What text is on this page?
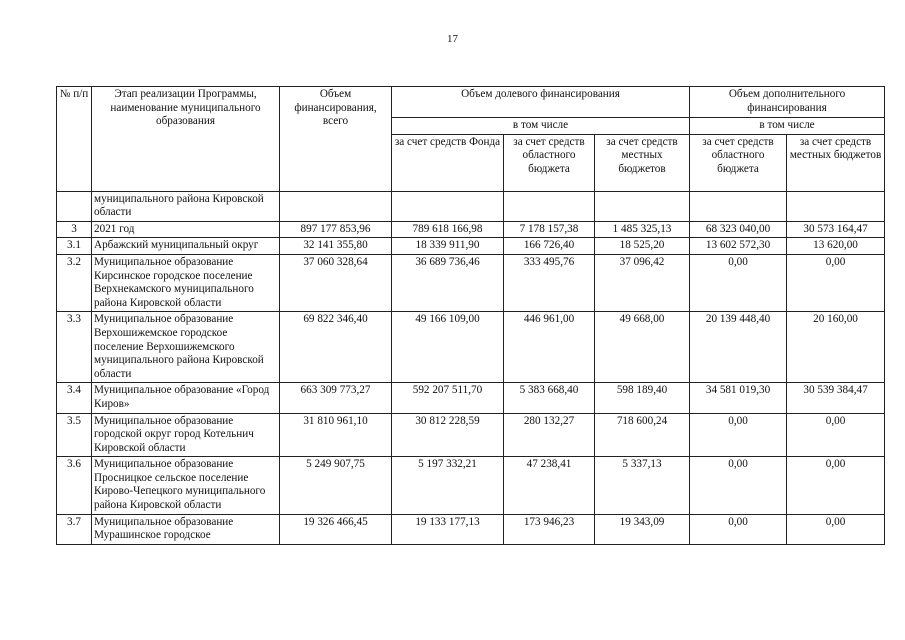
17
№ п/п	Этап реализации Программы, наименование муниципального образования	Объем финансирования, всего	Объем долевого финансирования			Объем дополнительного финансирования	
			в том числе			в том числе	
			за счет средств Фонда	за счет средств областного бюджета	за счет средств местных бюджетов	за счет средств областного бюджета	за счет средств местных бюджетов
	муниципального района Кировской области						
3	2021 год	897 177 853,96	789 618 166,98	7 178 157,38	1 485 325,13	68 323 040,00	30 573 164,47
3.1	Арбажский муниципальный округ	32 141 355,80	18 339 911,90	166 726,40	18 525,20	13 602 572,30	13 620,00
3.2	Муниципальное образование Кирсинское городское поселение Верхнекамского муниципального района Кировской области	37 060 328,64	36 689 736,46	333 495,76	37 096,42	0,00	0,00
3.3	Муниципальное образование Верхошижемское городское поселение Верхошижемского муниципального района Кировской области	69 822 346,40	49 166 109,00	446 961,00	49 668,00	20 139 448,40	20 160,00
3.4	Муниципальное образование «Город Киров»	663 309 773,27	592 207 511,70	5 383 668,40	598 189,40	34 581 019,30	30 539 384,47
3.5	Муниципальное образование городской округ город Котельнич Кировской области	31 810 961,10	30 812 228,59	280 132,27	718 600,24	0,00	0,00
3.6	Муниципальное образование Просницкое сельское поселение Кирово-Чепецкого муниципального района Кировской области	5 249 907,75	5 197 332,21	47 238,41	5 337,13	0,00	0,00
3.7	Муниципальное образование Мурашинское городское	19 326 466,45	19 133 177,13	173 946,23	19 343,09	0,00	0,00
